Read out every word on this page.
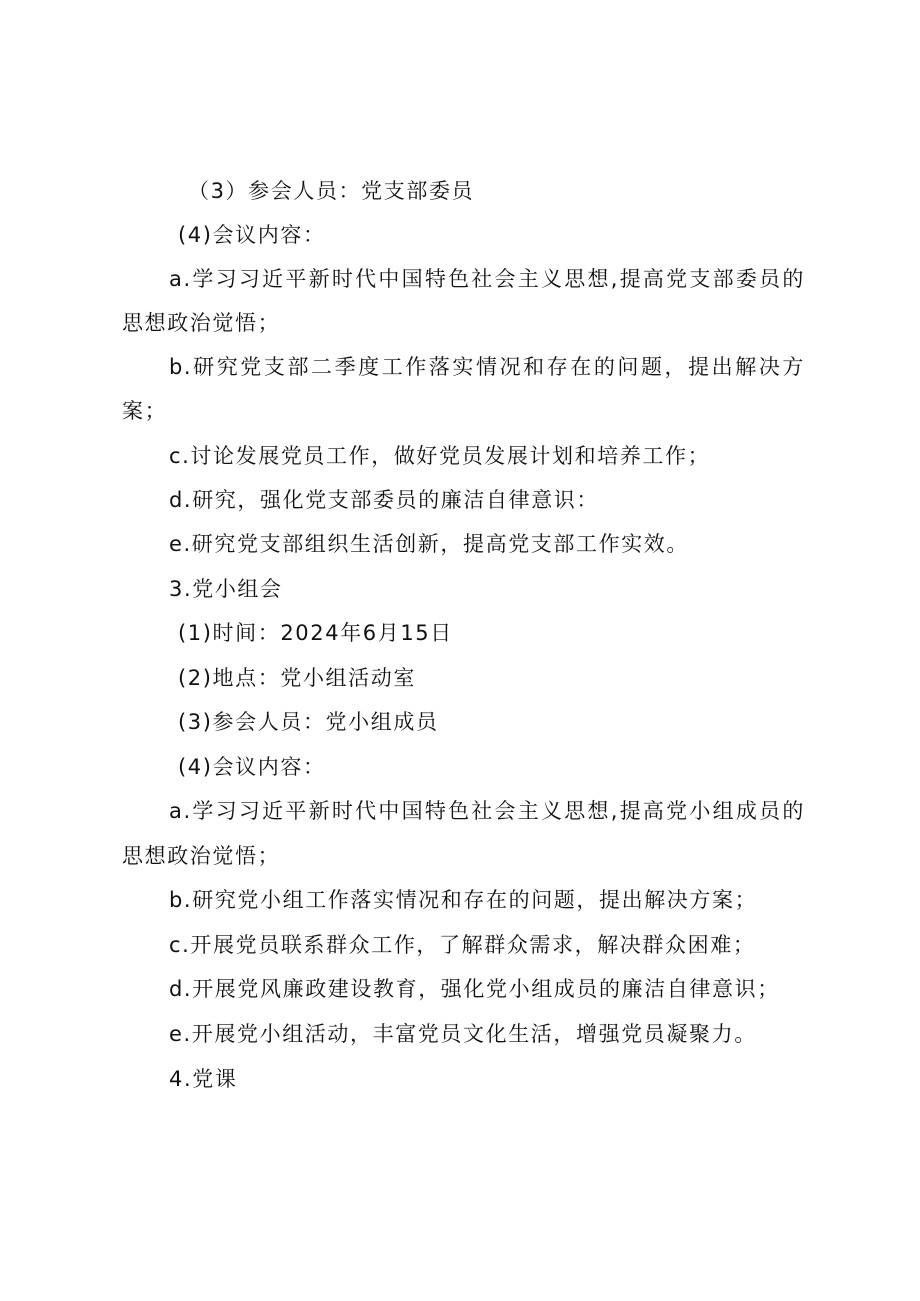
（3）参会人员：党支部委员
(4)会议内容：
a.学习习近平新时代中国特色社会主义思想,提高党支部委员的
思想政治觉悟；
b.研究党支部二季度工作落实情况和存在的问题，提出解决方
案；
c.讨论发展党员工作，做好党员发展计划和培养工作；
d.研究，强化党支部委员的廉洁自律意识：
e.研究党支部组织生活创新，提高党支部工作实效。
3.党小组会
(1)时间：2024年6月15日
(2)地点：党小组活动室
(3)参会人员：党小组成员
(4)会议内容：
a.学习习近平新时代中国特色社会主义思想,提高党小组成员的
思想政治觉悟；
b.研究党小组工作落实情况和存在的问题，提出解决方案；
c.开展党员联系群众工作，了解群众需求，解决群众困难；
d.开展党风廉政建设教育，强化党小组成员的廉洁自律意识；
e.开展党小组活动，丰富党员文化生活，增强党员凝聚力。
4.党课
